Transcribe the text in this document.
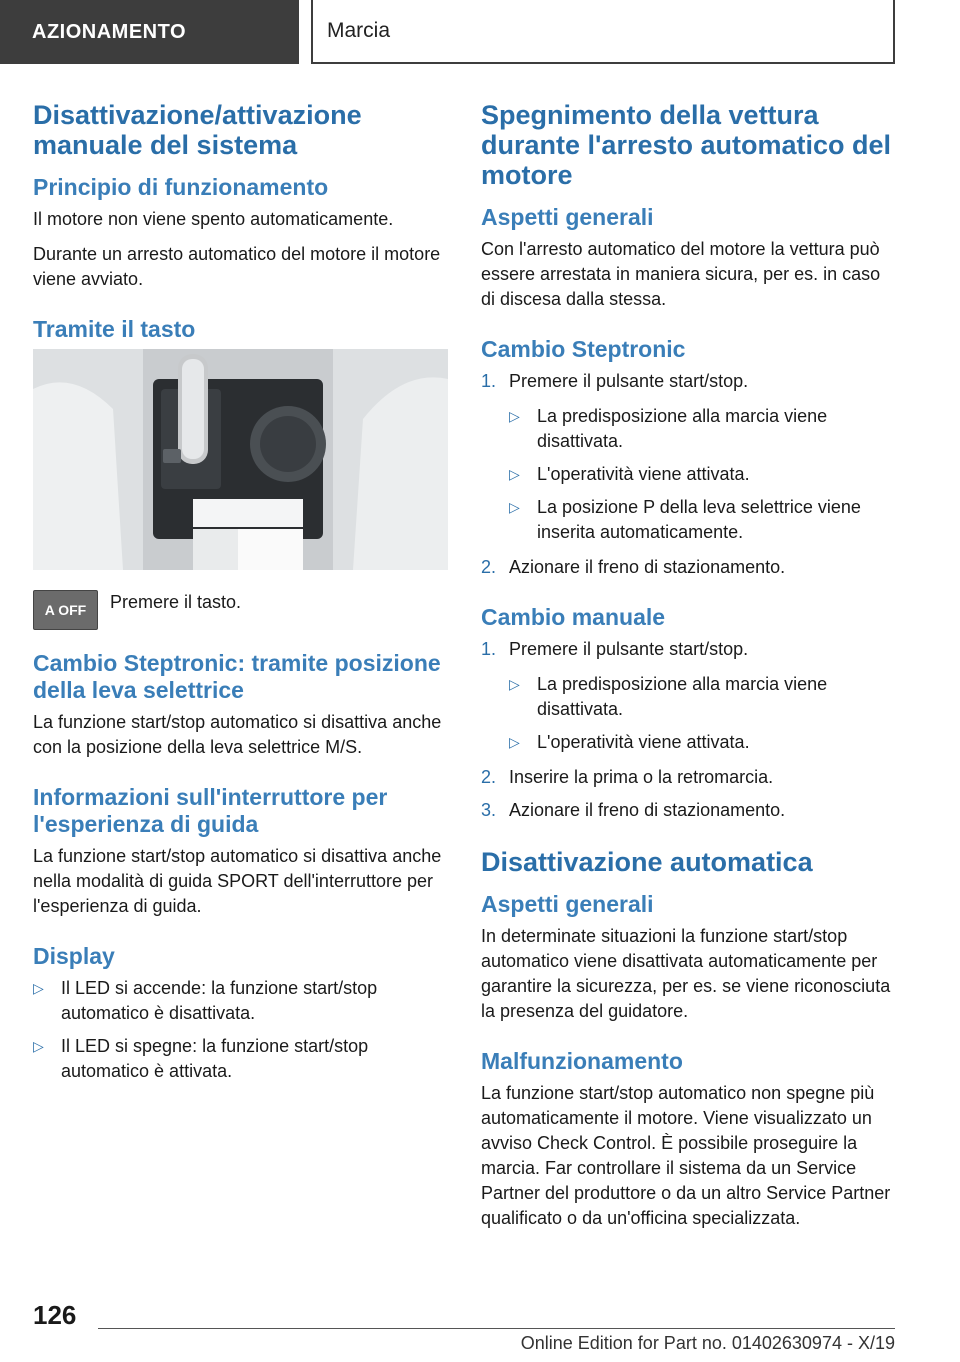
AZIONAMENTO	Marcia
Disattivazione/attivazione manuale del sistema
Principio di funzionamento

Il motore non viene spento automaticamente.

Durante un arresto automatico del motore il motore viene avviato.

Tramite il tasto
A OFF	Premere il tasto.

Cambio Steptronic: tramite posizione della leva selettrice

La funzione start/stop automatico si disattiva anche con la posizione della leva selettrice M/S.

Informazioni sull'interruttore per l'esperienza di guida

La funzione start/stop automatico si disattiva anche nella modalità di guida SPORT dell'interruttore per l'esperienza di guida.

Display
▷ Il LED si accende: la funzione start/stop automatico è disattivata.
▷ Il LED si spegne: la funzione start/stop automatico è attivata.
Spegnimento della vettura durante l'arresto automatico del motore
Aspetti generali

Con l'arresto automatico del motore la vettura può essere arrestata in maniera sicura, per es. in caso di discesa dalla stessa.

Cambio Steptronic
1. Premere il pulsante start/stop.
▷ La predisposizione alla marcia viene disattivata.
▷ L'operatività viene attivata.
▷ La posizione P della leva selettrice viene inserita automaticamente.
2. Azionare il freno di stazionamento.
Cambio manuale
1. Premere il pulsante start/stop.
▷ La predisposizione alla marcia viene disattivata.
▷ L'operatività viene attivata.
2. Inserire la prima o la retromarcia.
3. Azionare il freno di stazionamento.
Disattivazione automatica
Aspetti generali

In determinate situazioni la funzione start/stop automatico viene disattivata automaticamente per garantire la sicurezza, per es. se viene riconosciuta la presenza del guidatore.

Malfunzionamento

La funzione start/stop automatico non spegne più automaticamente il motore. Viene visualizzato un avviso Check Control. È possibile proseguire la marcia. Far controllare il sistema da un Service Partner del produttore o da un altro Service Partner qualificato o da un'officina specializzata.

126
Online Edition for Part no. 01402630974 - X/19
